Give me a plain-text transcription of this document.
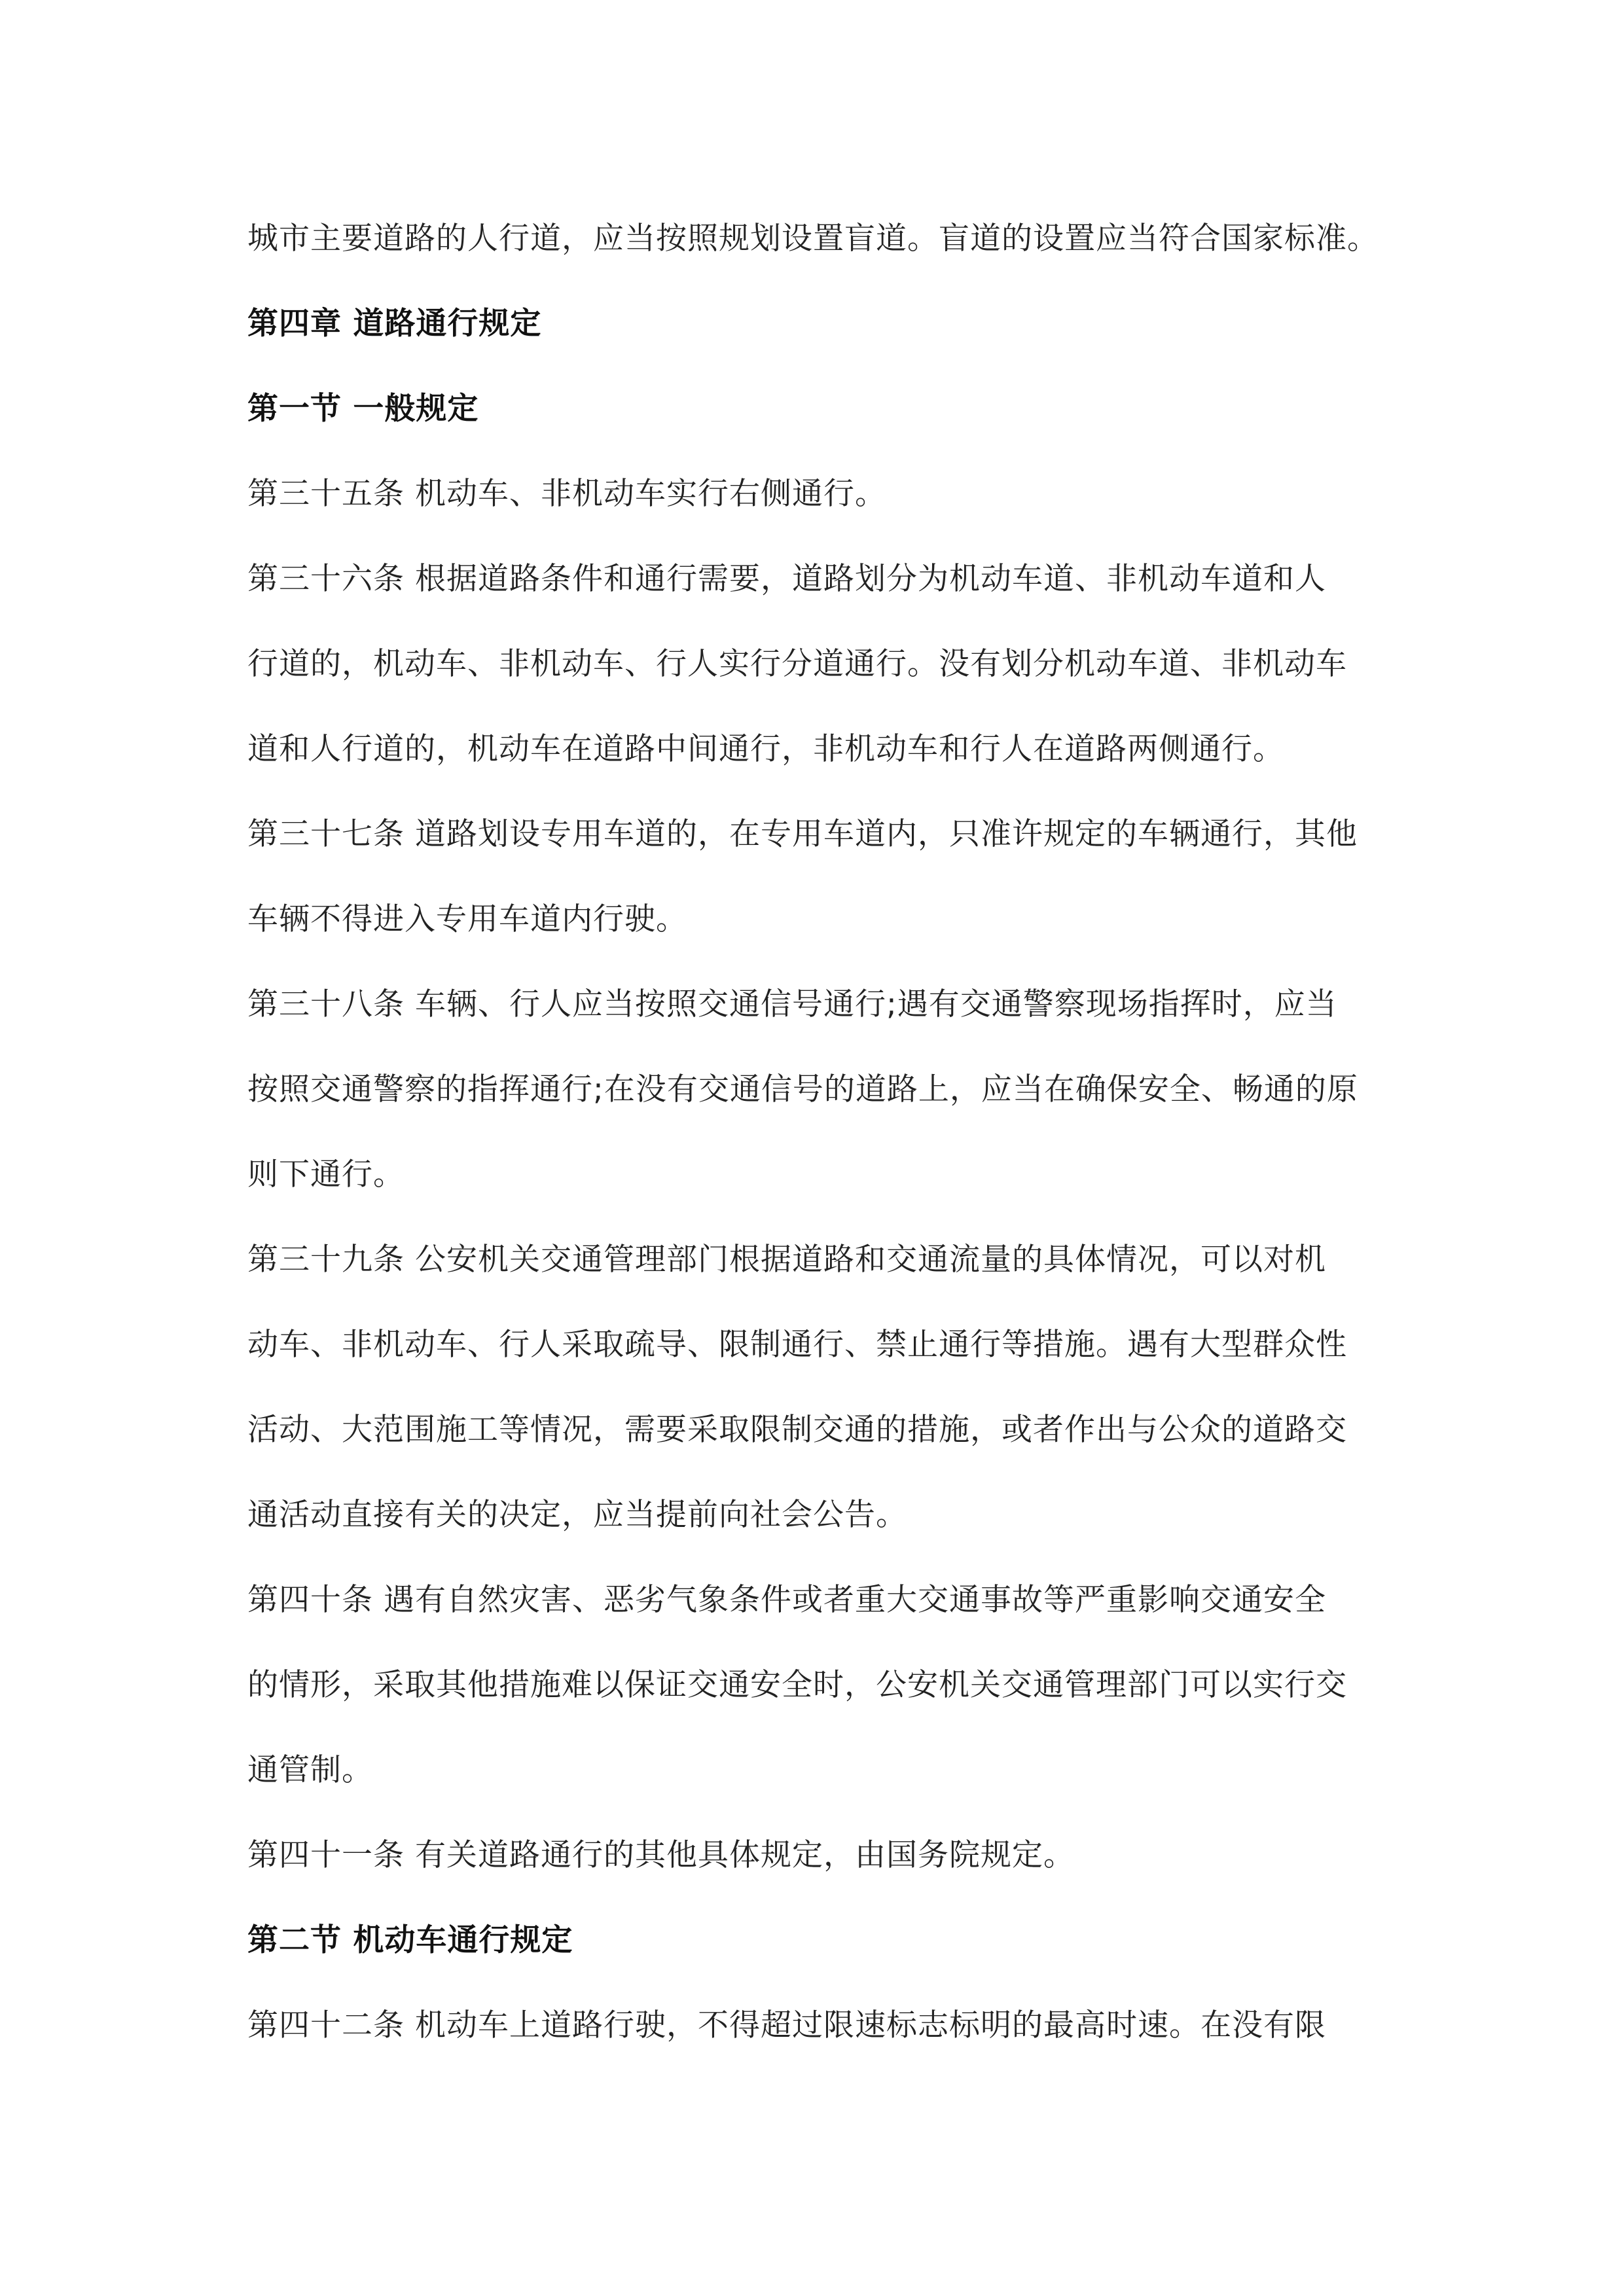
城市主要道路的人行道，应当按照规划设置盲道。盲道的设置应当符合国家标准。
第四章 道路通行规定
第一节 一般规定
第三十五条 机动车、非机动车实行右侧通行。
第三十六条 根据道路条件和通行需要，道路划分为机动车道、非机动车道和人
行道的，机动车、非机动车、行人实行分道通行。没有划分机动车道、非机动车
道和人行道的，机动车在道路中间通行，非机动车和行人在道路两侧通行。
第三十七条 道路划设专用车道的，在专用车道内，只准许规定的车辆通行，其他
车辆不得进入专用车道内行驶。
第三十八条 车辆、行人应当按照交通信号通行;遇有交通警察现场指挥时，应当
按照交通警察的指挥通行;在没有交通信号的道路上，应当在确保安全、畅通的原
则下通行。
第三十九条 公安机关交通管理部门根据道路和交通流量的具体情况，可以对机
动车、非机动车、行人采取疏导、限制通行、禁止通行等措施。遇有大型群众性
活动、大范围施工等情况，需要采取限制交通的措施，或者作出与公众的道路交
通活动直接有关的决定，应当提前向社会公告。
第四十条 遇有自然灾害、恶劣气象条件或者重大交通事故等严重影响交通安全
的情形，采取其他措施难以保证交通安全时，公安机关交通管理部门可以实行交
通管制。
第四十一条 有关道路通行的其他具体规定，由国务院规定。
第二节 机动车通行规定
第四十二条 机动车上道路行驶，不得超过限速标志标明的最高时速。在没有限
